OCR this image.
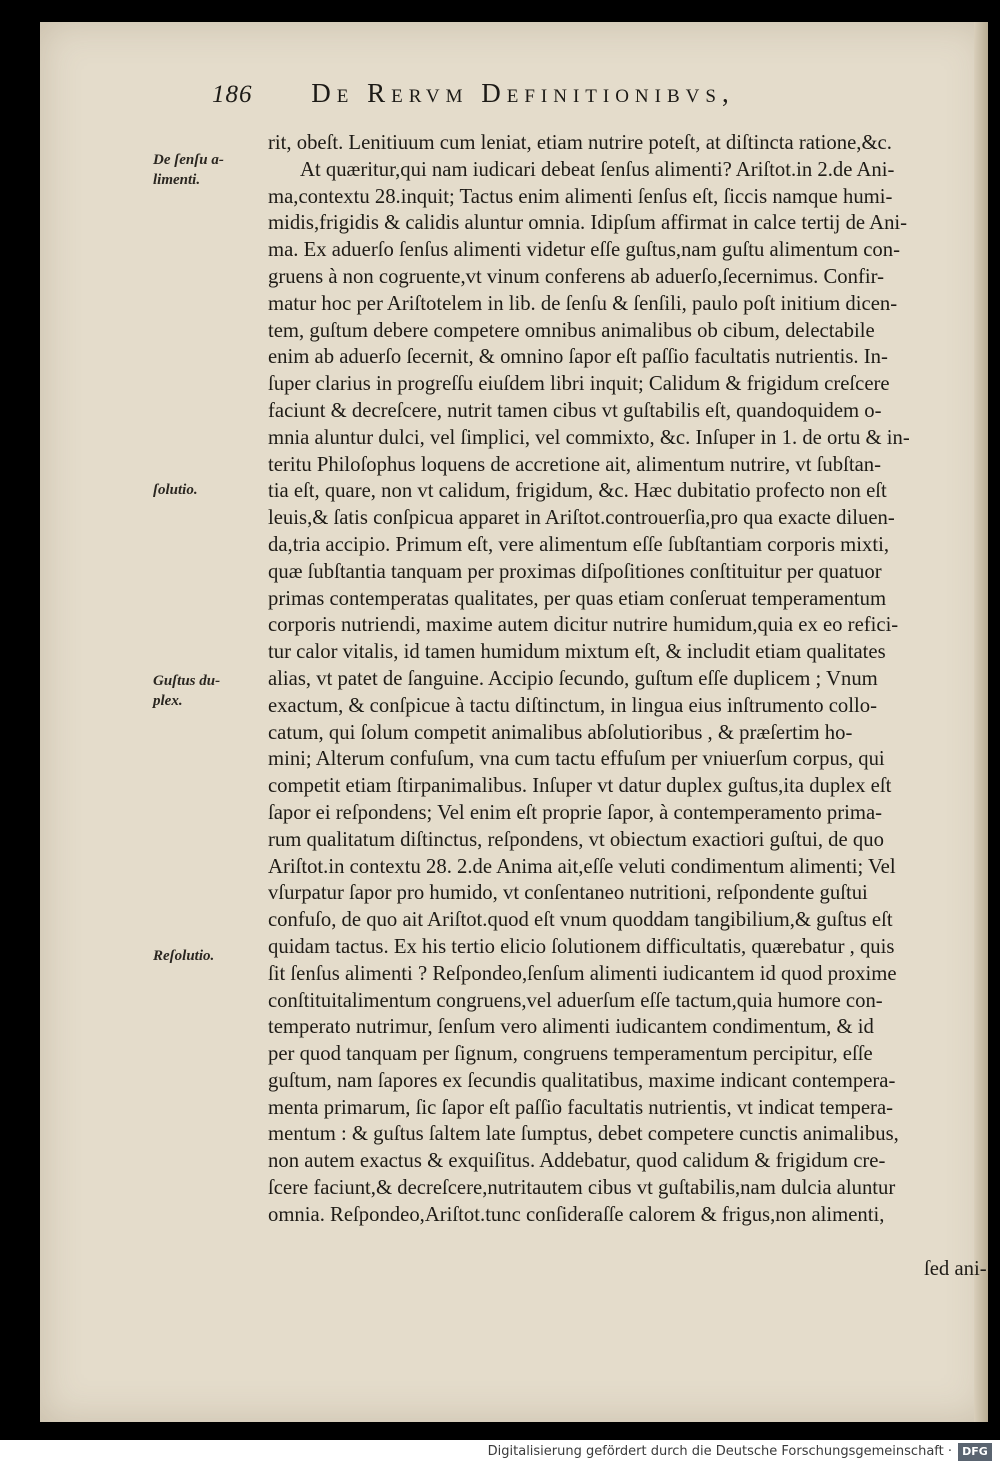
186 De Rervm Definitionibvs,
De ſenſu a-
limenti.
ſolutio.
Guſtus du-
plex.
Reſolutio.
rit, obeſt. Lenitiuum cum leniat, etiam nutrire poteſt, at diſtincta ratione,&c.
At quæritur,qui nam iudicari debeat ſenſus alimenti? Ariſtot.in 2.de Ani-
ma,contextu 28.inquit; Tactus enim alimenti ſenſus eſt, ſiccis namque humi-
midis,frigidis & calidis aluntur omnia. Idipſum affirmat in calce tertij de Ani-
ma. Ex aduerſo ſenſus alimenti videtur eſſe guſtus,nam guſtu alimentum con-
gruens à non cogruente,vt vinum conferens ab aduerſo,ſecernimus. Confir-
matur hoc per Ariſtotelem in lib. de ſenſu & ſenſili, paulo poſt initium dicen-
tem, guſtum debere competere omnibus animalibus ob cibum, delectabile
enim ab aduerſo ſecernit, & omnino ſapor eſt paſſio facultatis nutrientis. In-
ſuper clarius in progreſſu eiuſdem libri inquit; Calidum & frigidum creſcere
faciunt & decreſcere, nutrit tamen cibus vt guſtabilis eſt, quandoquidem o-
mnia aluntur dulci, vel ſimplici, vel commixto, &c. Inſuper in 1. de ortu & in-
teritu Philoſophus loquens de accretione ait, alimentum nutrire, vt ſubſtan-
tia eſt, quare, non vt calidum, frigidum, &c. Hæc dubitatio profecto non eſt
leuis,& ſatis conſpicua apparet in Ariſtot.controuerſia,pro qua exacte diluen-
da,tria accipio. Primum eſt, vere alimentum eſſe ſubſtantiam corporis mixti,
quæ ſubſtantia tanquam per proximas diſpoſitiones conſtituitur per quatuor
primas contemperatas qualitates, per quas etiam conſeruat temperamentum
corporis nutriendi, maxime autem dicitur nutrire humidum,quia ex eo refici-
tur calor vitalis, id tamen humidum mixtum eſt, & includit etiam qualitates
alias, vt patet de ſanguine. Accipio ſecundo, guſtum eſſe duplicem ; Vnum
exactum, & conſpicue à tactu diſtinctum, in lingua eius inſtrumento collo-
catum, qui ſolum competit animalibus abſolutioribus , & præſertim ho-
mini; Alterum confuſum, vna cum tactu effuſum per vniuerſum corpus, qui
competit etiam ſtirpanimalibus. Inſuper vt datur duplex guſtus,ita duplex eſt
ſapor ei reſpondens; Vel enim eſt proprie ſapor, à contemperamento prima-
rum qualitatum diſtinctus, reſpondens, vt obiectum exactiori guſtui, de quo
Ariſtot.in contextu 28. 2.de Anima ait,eſſe veluti condimentum alimenti; Vel
vſurpatur ſapor pro humido, vt conſentaneo nutritioni, reſpondente guſtui
confuſo, de quo ait Ariſtot.quod eſt vnum quoddam tangibilium,& guſtus eſt
quidam tactus. Ex his tertio elicio ſolutionem difficultatis, quærebatur , quis
ſit ſenſus alimenti ? Reſpondeo,ſenſum alimenti iudicantem id quod proxime
conſtituitalimentum congruens,vel aduerſum eſſe tactum,quia humore con-
temperato nutrimur, ſenſum vero alimenti iudicantem condimentum, & id
per quod tanquam per ſignum, congruens temperamentum percipitur, eſſe
guſtum, nam ſapores ex ſecundis qualitatibus, maxime indicant contempera-
menta primarum, ſic ſapor eſt paſſio facultatis nutrientis, vt indicat tempera-
mentum : & guſtus ſaltem late ſumptus, debet competere cunctis animalibus,
non autem exactus & exquiſitus. Addebatur, quod calidum & frigidum cre-
ſcere faciunt,& decreſcere,nutritautem cibus vt guſtabilis,nam dulcia aluntur
omnia. Reſpondeo,Ariſtot.tunc conſideraſſe calorem & frigus,non alimenti,
ſed ani-
Digitalisierung gefördert durch die Deutsche Forschungsgemeinschaft · DFG
